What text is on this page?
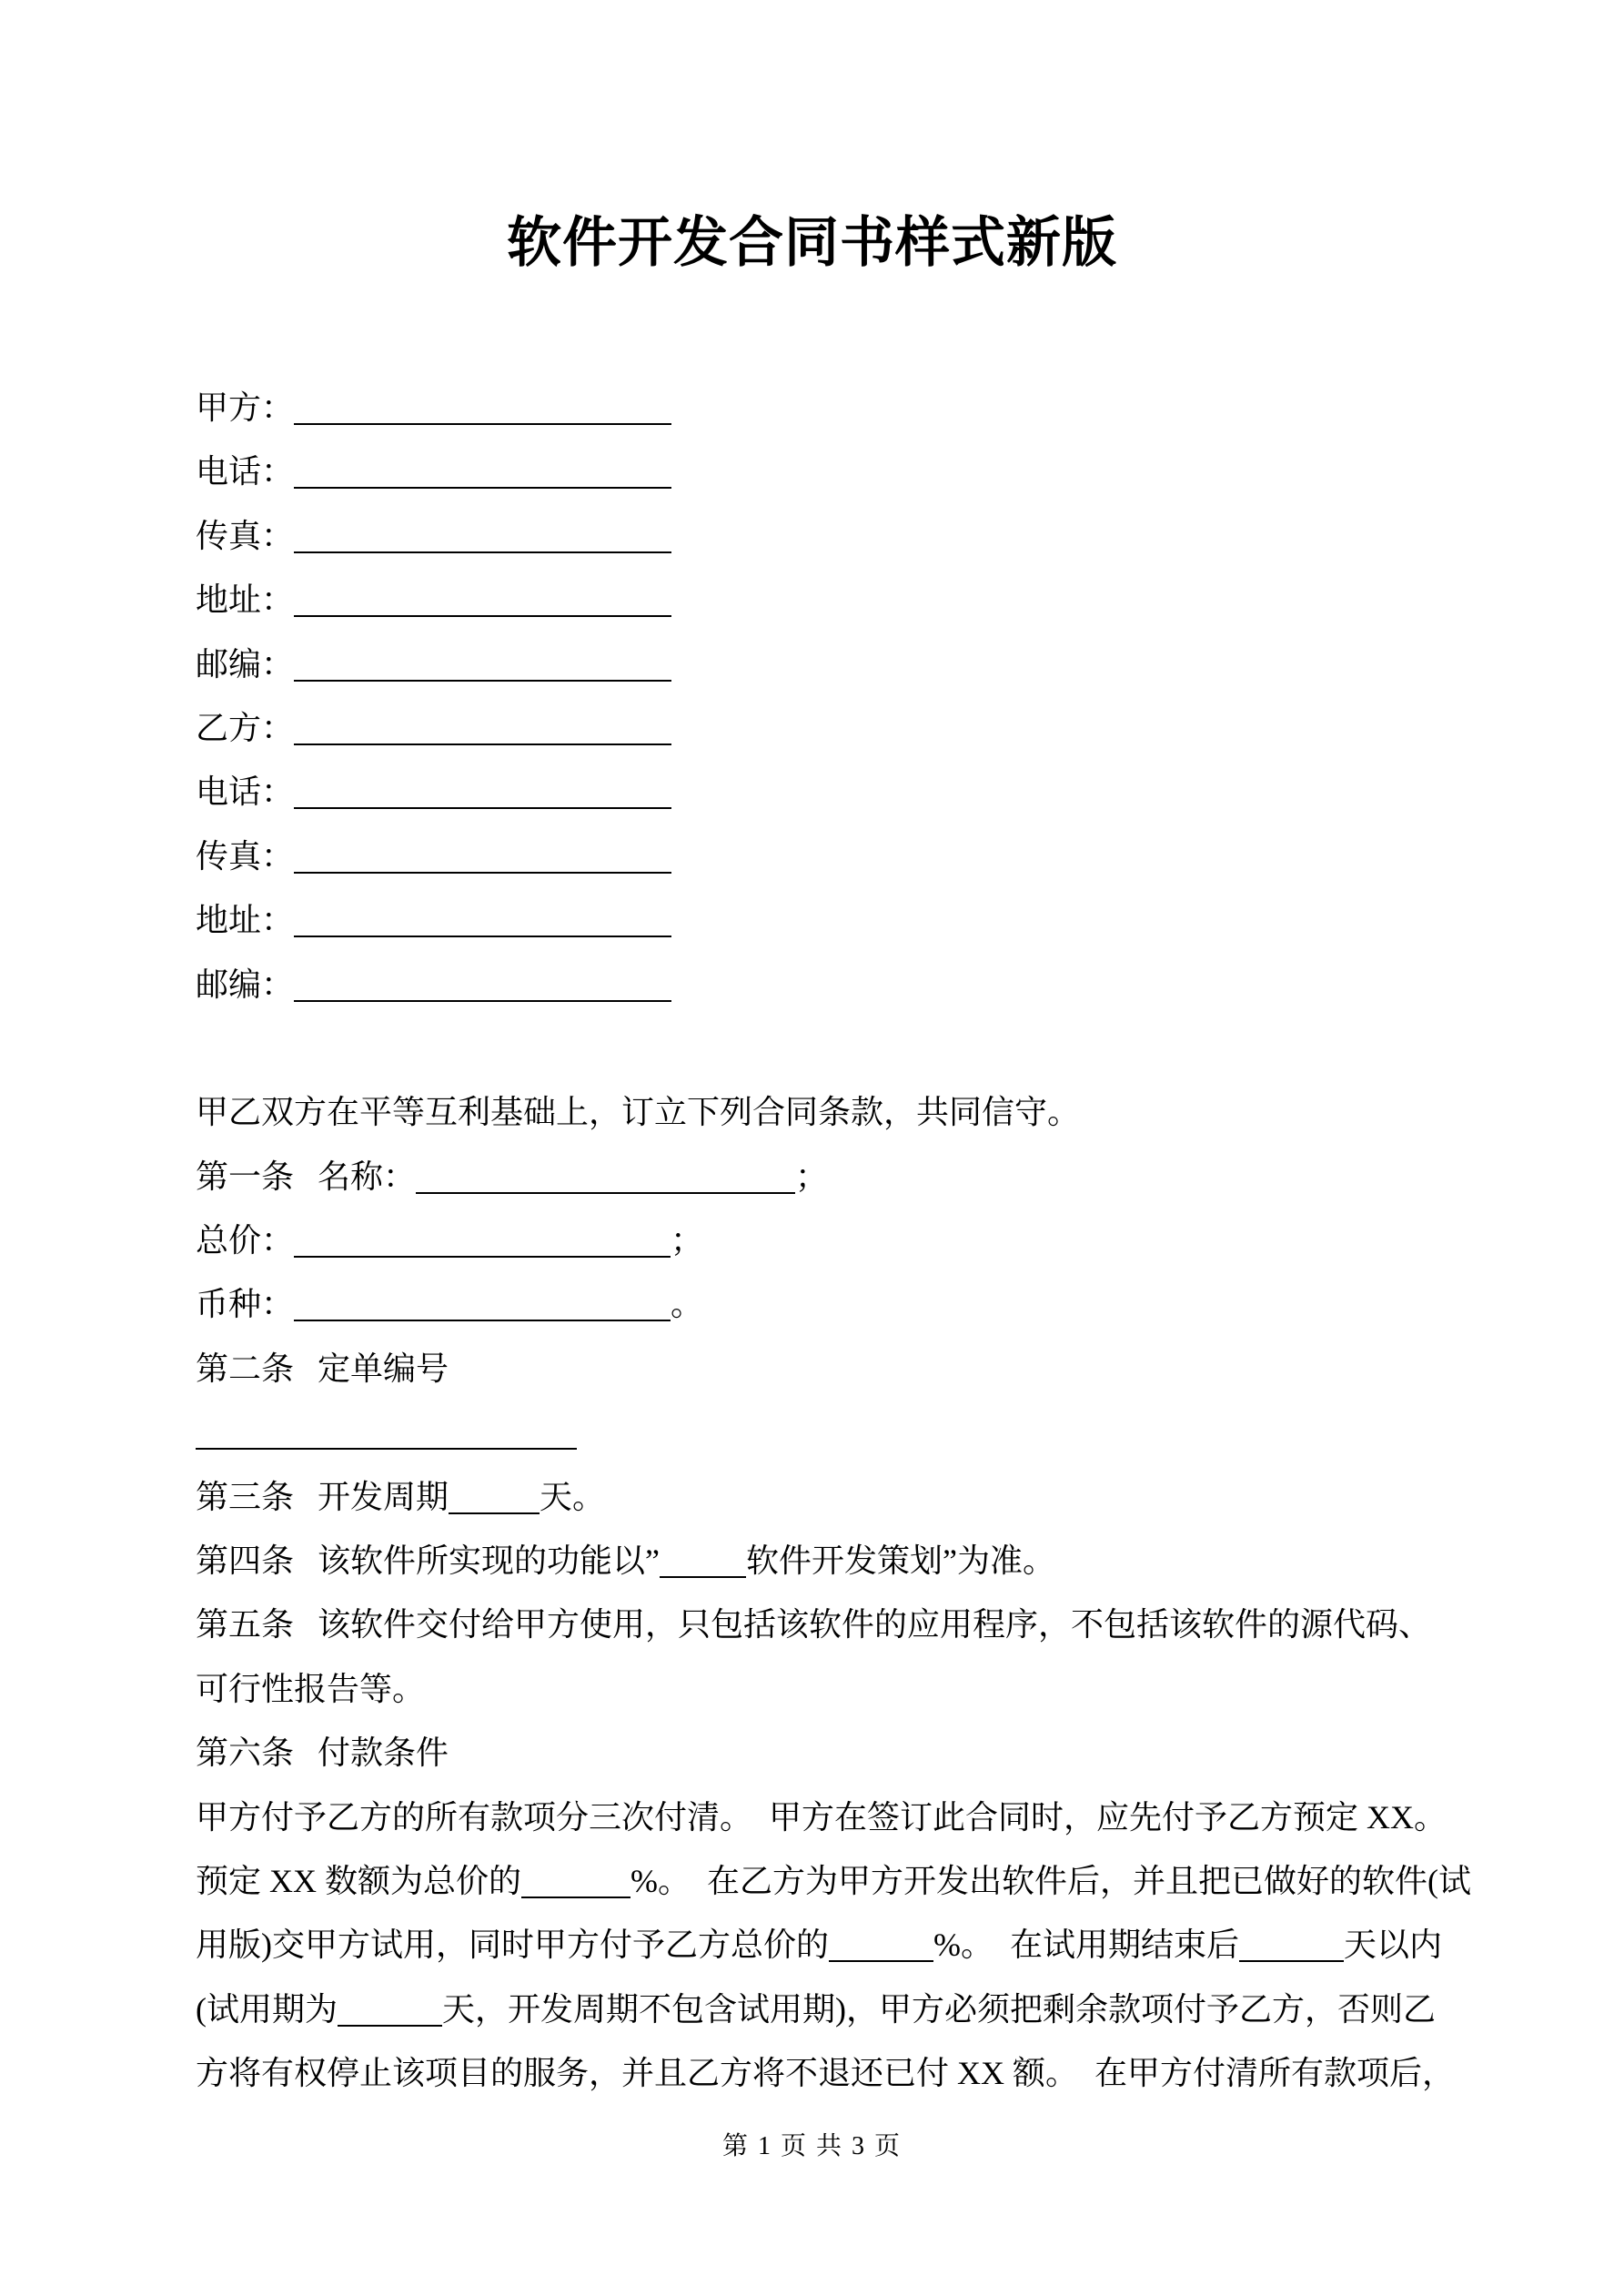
软件开发合同书样式新版
甲方：
电话：
传真：
地址：
邮编：
乙方：
电话：
传真：
地址：
邮编：
甲乙双方在平等互利基础上，订立下列合同条款，共同信守。
第一条 名称：	；
总价：	；
币种：	。
第二条 定单编号
第三条 开发周期	天。
第四条 该软件所实现的功能以”	软件开发策划”为准。
第五条 该软件交付给甲方使用，只包括该软件的应用程序，不包括该软件的源代码、
可行性报告等。
第六条 付款条件
甲方付予乙方的所有款项分三次付清。　甲方在签订此合同时，应先付予乙方预定 XX。
预定 XX 数额为总价的	%。　在乙方为甲方开发出软件后，并且把已做好的软件(试
用版)交甲方试用，同时甲方付予乙方总价的	%。　在试用期结束后	天以内
(试用期为	天，开发周期不包含试用期)，甲方必须把剩余款项付予乙方，否则乙
方将有权停止该项目的服务，并且乙方将不退还已付 XX 额。　在甲方付清所有款项后，
第 1 页 共 3 页
